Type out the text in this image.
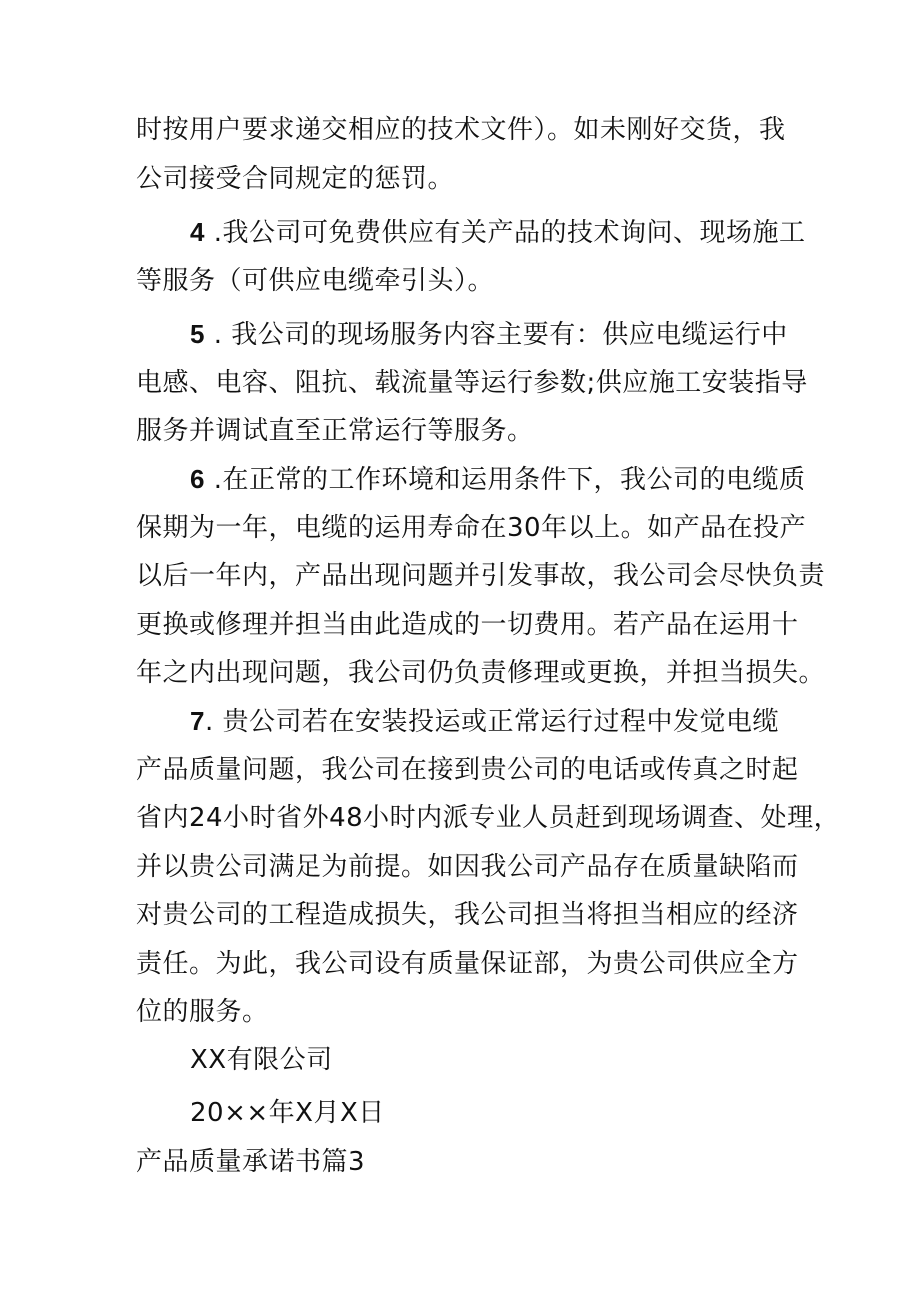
时按用户要求递交相应的技术文件）。如未刚好交货，我
公司接受合同规定的惩罚。
4 .我公司可免费供应有关产品的技术询问、现场施工
等服务（可供应电缆牵引头）。
5 . 我公司的现场服务内容主要有：供应电缆运行中
电感、电容、阻抗、载流量等运行参数;供应施工安装指导
服务并调试直至正常运行等服务。
6 .在正常的工作环境和运用条件下，我公司的电缆质
保期为一年，电缆的运用寿命在30年以上。如产品在投产
以后一年内，产品出现问题并引发事故，我公司会尽快负责
更换或修理并担当由此造成的一切费用。若产品在运用十
年之内出现问题，我公司仍负责修理或更换，并担当损失。
7. 贵公司若在安装投运或正常运行过程中发觉电缆
产品质量问题，我公司在接到贵公司的电话或传真之时起
省内24小时省外48小时内派专业人员赶到现场调查、处理，
并以贵公司满足为前提。如因我公司产品存在质量缺陷而
对贵公司的工程造成损失，我公司担当将担当相应的经济
责任。为此，我公司设有质量保证部，为贵公司供应全方
位的服务。
XX有限公司
20××年X月X日
产品质量承诺书篇3
